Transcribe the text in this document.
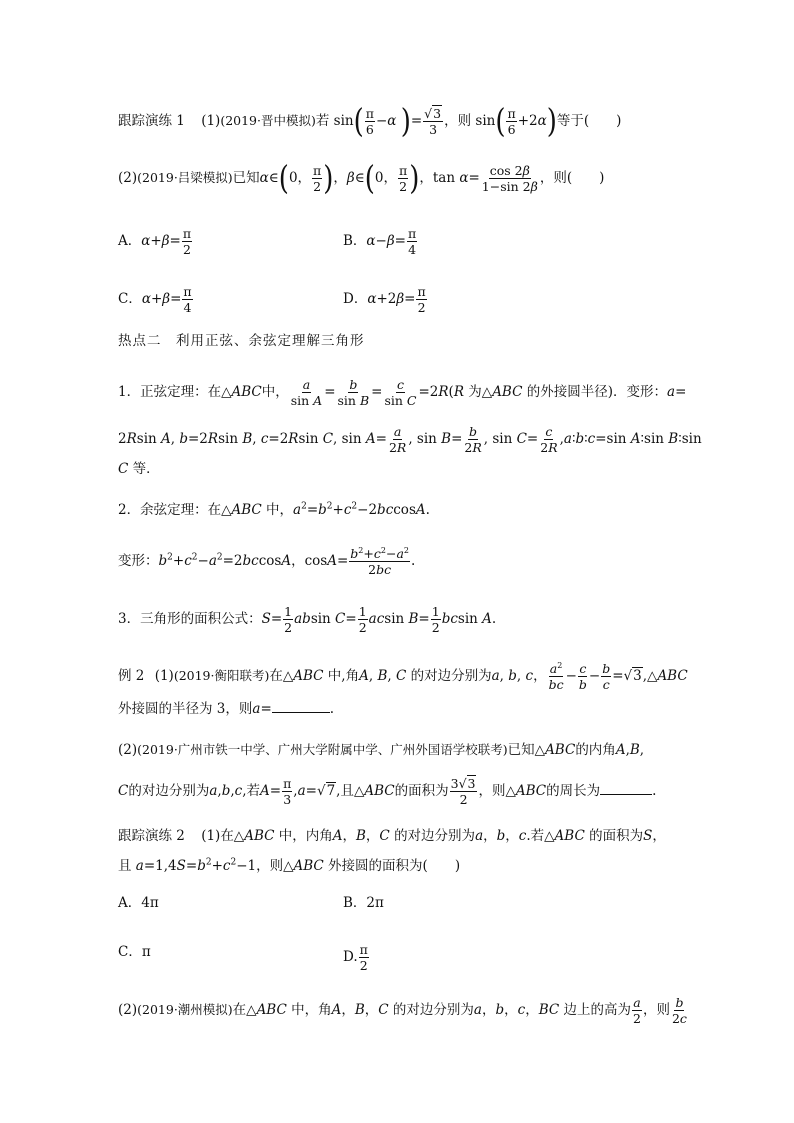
跟踪演练 1 (1)(2019·晋中模拟)若 $\sin( \frac{\pi}{6} -\alpha$ )= $\frac{√3}{3}$ ，则 $\sin( \frac{\pi}{6} +2\alpha)$等于(　　)
(2)(2019·吕梁模拟)已知α∈(0， $\frac{\pi}{2}$ )，β∈(0， $\frac{\pi}{2}$ )，$\tan \alpha= \frac{\cos 2\beta}{1-\sin 2\beta}$ ，则(　　)
A．$\alpha+\beta= \frac{\pi}{2}$	B．$\alpha-\beta= \frac{\pi}{4}$
C．$\alpha+\beta= \frac{\pi}{4}$	D．$\alpha+2\beta= \frac{\pi}{2}$
热点二　利用正弦、余弦定理解三角形
1．正弦定理：在△ABC中， $\frac{a}{\text{sin A}} = \frac{b}{\text{sin B}} = \frac{c}{\text{sin C}} =2R(R$ 为△ABC 的外接圆半径)．变形：a=
2Rsin A, b=2Rsin B, c=2Rsin C, $\sin A= \frac{a}{2R}$ , $\sin B= \frac{b}{2R}$ , $\sin C= \frac{c}{2R}$ ,a∶b∶c=sin A∶sin B∶sin
C 等．
2．余弦定理：在△ABC 中，$a^2=b^2+c^2-2bccosA$.
变形：$b^2+c^2-a^2=2bccosA$，$\cos A= \frac{b^2+c^2-a^2}{2bc}$ .
3．三角形的面积公式：$S= \frac{1}{2}$ absin $C= \frac{1}{2}$ acsin $B= \frac{1}{2}$ bcsin A.
例 2 (1)(2019·衡阳联考)在△ABC 中,角A, B, C 的对边分别为a, b, c， $\frac{a^2}{bc} - \frac{c}{b} - \frac{b}{c}$ =√3,△ABC
外接圆的半径为 3，则a=	.
(2)(2019·广州市铁一中学、广州大学附属中学、广州外国语学校联考)已知△ABC的内角A,B,
C的对边分别为a,b,c,若$A= \frac{\pi}{3} ,a=√7$,且△ABC的面积为 $\frac{3√3}{2}$ ，则△ABC的周长为	.
跟踪演练 2 (1)在△ABC 中，内角A，B，C 的对边分别为a，b，c.若△ABC 的面积为S，
且 $a=1,4S=b^2+c^2-1$，则△ABC 外接圆的面积为(　　)
A．4π	B．2π
C．π	D. $\frac{\pi}{2}$
(2)(2019·潮州模拟)在△ABC 中，角A，B，C 的对边分别为a，b，c，BC 边上的高为 $\frac{a}{2}$ ，则 $\frac{b}{2c}$
